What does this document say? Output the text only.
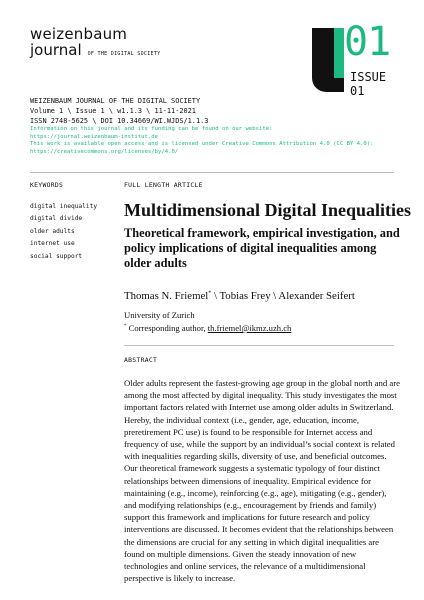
weizenbaum
journal OF THE DIGITAL SOCIETY	01
ISSUE
01
WEIZENBAUM JOURNAL OF THE DIGITAL SOCIETY
Volume 1 \ Issue 1 \ w1.1.3 \ 11-11-2021
ISSN 2748-5625 \ DOI 10.34669/WI.WJDS/1.1.3
Information on this journal and its funding can be found on our website:
https://journal.weizenbaum-institut.de
This work is available open access and is licensed under Creative Commons Attribution 4.0 (CC BY 4.0):
https://creativecommons.org/licenses/by/4.0/
KEYWORDS
digital inequality
digital divide
older adults
internet use
social support
FULL LENGTH ARTICLE
Multidimensional Digital Inequalities
Theoretical framework, empirical investigation, and policy implications of digital inequalities among older adults
Thomas N. Friemel* \ Tobias Frey \ Alexander Seifert
University of Zurich
* Corresponding author, th.friemel@ikmz.uzh.ch
ABSTRACT

Older adults represent the fastest-growing age group in the global north and are among the most affected by digital inequality. This study investigates the most important factors related with Internet use among older adults in Switzerland. Hereby, the individual context (i.e., gender, age, education, income, preretirement PC use) is found to be responsible for Internet access and frequency of use, while the support by an individual’s social context is related with inequalities regarding skills, diversity of use, and beneficial outcomes. Our theoretical framework suggests a systematic typology of four distinct relationships between dimensions of inequality. Empirical evidence for maintaining (e.g., income), reinforcing (e.g., age), mitigating (e.g., gender), and modifying relationships (e.g., encouragement by friends and family) support this framework and implications for future research and policy interventions are discussed. It becomes evident that the relationships between the dimensions are crucial for any setting in which digital inequalities are found on multiple dimensions. Given the steady innovation of new technologies and online services, the relevance of a multidimensional perspective is likely to increase.
